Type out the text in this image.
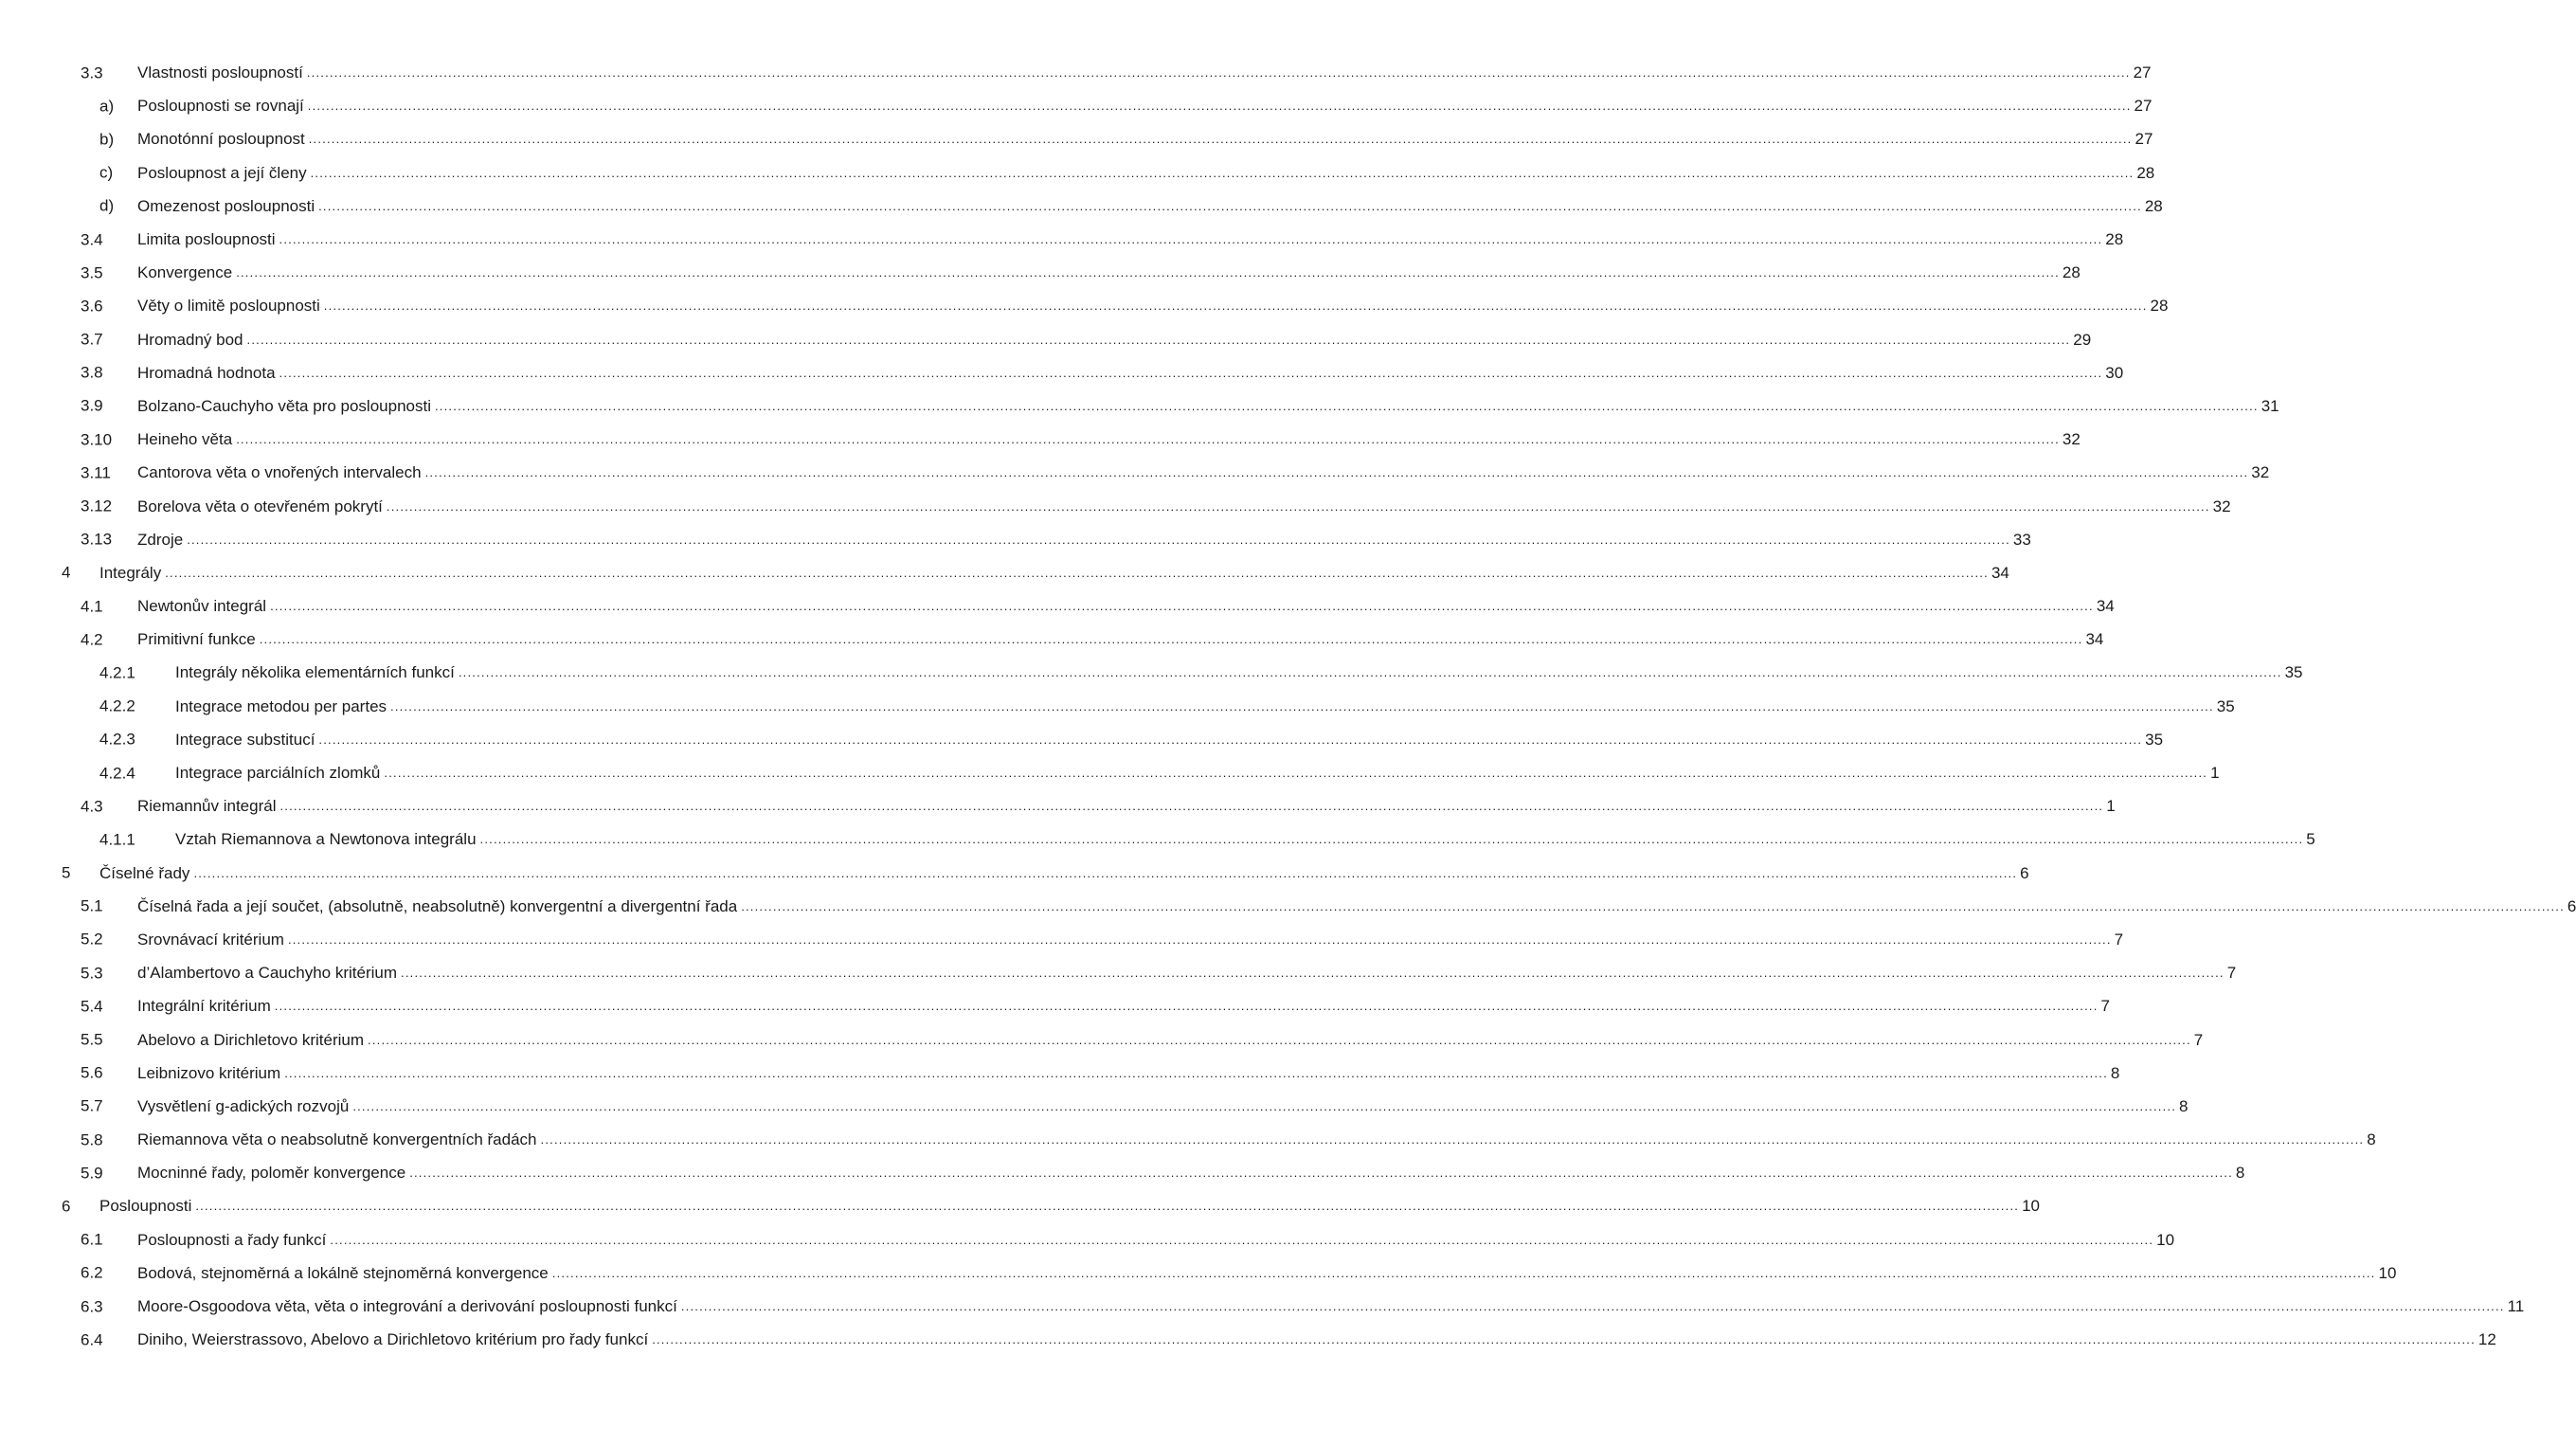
3.3 Vlastnosti posloupností ................................................................................................................................................................................................................................................................................................................................................................................................................ 27
a) Posloupnosti se rovnají ................................................................................................................................................................................................................................................................................................................................................................................................................ 27
b) Monotónní posloupnost ................................................................................................................................................................................................................................................................................................................................................................................................................ 27
c) Posloupnost a její členy ................................................................................................................................................................................................................................................................................................................................................................................................................ 28
d) Omezenost posloupnosti ................................................................................................................................................................................................................................................................................................................................................................................................................ 28
3.4 Limita posloupnosti ................................................................................................................................................................................................................................................................................................................................................................................................................ 28
3.5 Konvergence ................................................................................................................................................................................................................................................................................................................................................................................................................ 28
3.6 Věty o limitě posloupnosti ................................................................................................................................................................................................................................................................................................................................................................................................................ 28
3.7 Hromadný bod ................................................................................................................................................................................................................................................................................................................................................................................................................ 29
3.8 Hromadná hodnota ................................................................................................................................................................................................................................................................................................................................................................................................................ 30
3.9 Bolzano-Cauchyho věta pro posloupnosti ................................................................................................................................................................................................................................................................................................................................................................................................................ 31
3.10 Heineho věta ................................................................................................................................................................................................................................................................................................................................................................................................................ 32
3.11 Cantorova věta o vnořených intervalech ................................................................................................................................................................................................................................................................................................................................................................................................................ 32
3.12 Borelova věta o otevřeném pokrytí ................................................................................................................................................................................................................................................................................................................................................................................................................ 32
3.13 Zdroje ................................................................................................................................................................................................................................................................................................................................................................................................................ 33
4 Integrály ................................................................................................................................................................................................................................................................................................................................................................................................................ 34
4.1 Newtonův integrál ................................................................................................................................................................................................................................................................................................................................................................................................................ 34
4.2 Primitivní funkce ................................................................................................................................................................................................................................................................................................................................................................................................................ 34
4.2.1 Integrály několika elementárních funkcí ................................................................................................................................................................................................................................................................................................................................................................................................................ 35
4.2.2 Integrace metodou per partes ................................................................................................................................................................................................................................................................................................................................................................................................................ 35
4.2.3 Integrace substitucí ................................................................................................................................................................................................................................................................................................................................................................................................................ 35
4.2.4 Integrace parciálních zlomků ................................................................................................................................................................................................................................................................................................................................................................................................................ 1
4.3 Riemannův integrál ................................................................................................................................................................................................................................................................................................................................................................................................................ 1
4.1.1 Vztah Riemannova a Newtonova integrálu ................................................................................................................................................................................................................................................................................................................................................................................................................ 5
5 Číselné řady ................................................................................................................................................................................................................................................................................................................................................................................................................ 6
5.1 Číselná řada a její součet, (absolutně, neabsolutně) konvergentní a divergentní řada ................................................................................................................................................................................................................................................................................................................................................................................................................ 6
5.2 Srovnávací kritérium ................................................................................................................................................................................................................................................................................................................................................................................................................ 7
5.3 d’Alambertovo a Cauchyho kritérium ................................................................................................................................................................................................................................................................................................................................................................................................................ 7
5.4 Integrální kritérium ................................................................................................................................................................................................................................................................................................................................................................................................................ 7
5.5 Abelovo a Dirichletovo kritérium ................................................................................................................................................................................................................................................................................................................................................................................................................ 7
5.6 Leibnizovo kritérium ................................................................................................................................................................................................................................................................................................................................................................................................................ 8
5.7 Vysvětlení g-adických rozvojů ................................................................................................................................................................................................................................................................................................................................................................................................................ 8
5.8 Riemannova věta o neabsolutně konvergentních řadách ................................................................................................................................................................................................................................................................................................................................................................................................................ 8
5.9 Mocninné řady, poloměr konvergence ................................................................................................................................................................................................................................................................................................................................................................................................................ 8
6 Posloupnosti ................................................................................................................................................................................................................................................................................................................................................................................................................ 10
6.1 Posloupnosti a řady funkcí ................................................................................................................................................................................................................................................................................................................................................................................................................ 10
6.2 Bodová, stejnoměrná a lokálně stejnoměrná konvergence ................................................................................................................................................................................................................................................................................................................................................................................................................ 10
6.3 Moore-Osgoodova věta, věta o integrování a derivování posloupnosti funkcí ................................................................................................................................................................................................................................................................................................................................................................................................................ 11
6.4 Diniho, Weierstrassovo, Abelovo a Dirichletovo kritérium pro řady funkcí ................................................................................................................................................................................................................................................................................................................................................................................................................ 12
